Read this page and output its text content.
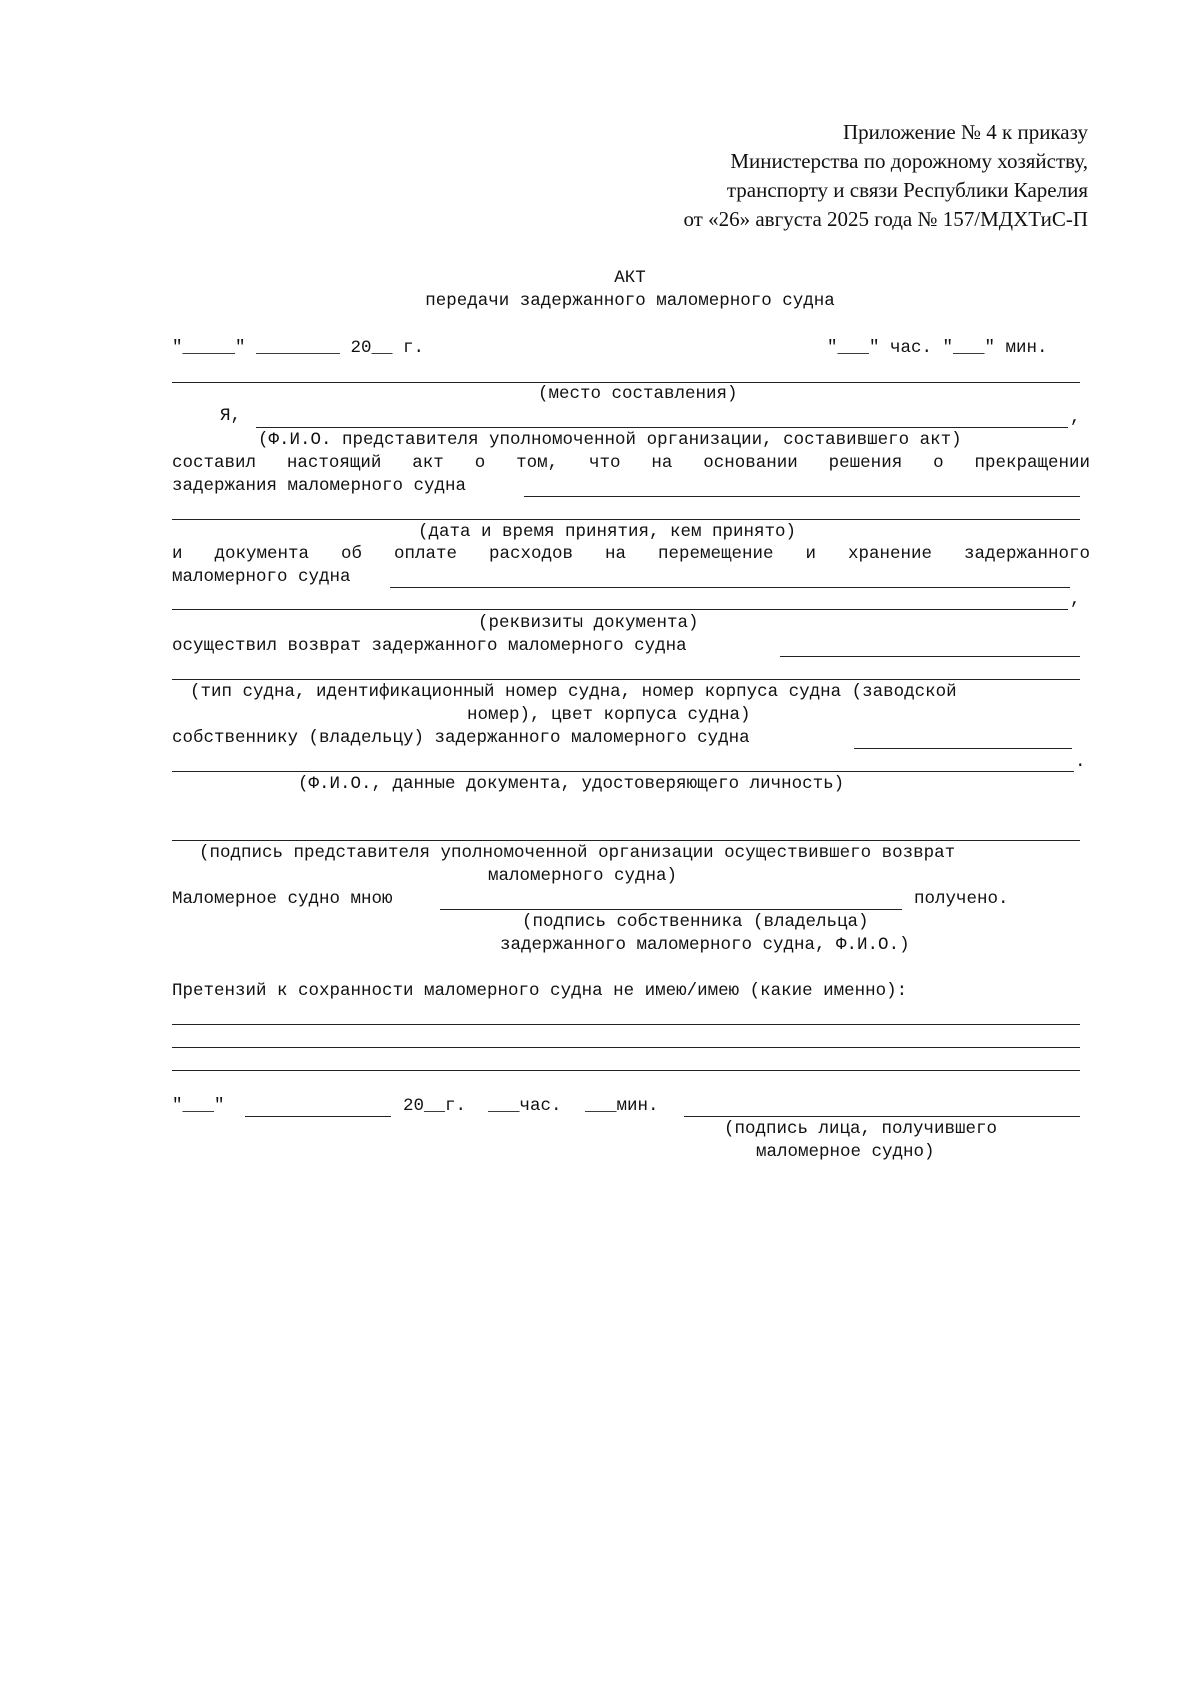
Приложение № 4 к приказу
Министерства по дорожному хозяйству,
транспорту и связи Республики Карелия
от «26» августа 2025 года № 157/МДХТиС-П
АКТ
передачи задержанного маломерного судна
"_____" ________ 20__ г.	"___" час. "___" мин.
(место составления)
Я,	,
(Ф.И.О. представителя уполномоченной организации, составившего акт)
составил настоящий акт о том, что на основании решения о прекращении
задержания маломерного судна
(дата и время принятия, кем принято)
и документа об оплате расходов на перемещение и хранение задержанного
маломерного судна
,
(реквизиты документа)
осуществил возврат задержанного маломерного судна
(тип судна, идентификационный номер судна, номер корпуса судна (заводской
номер), цвет корпуса судна)
собственнику (владельцу) задержанного маломерного судна
.
(Ф.И.О., данные документа, удостоверяющего личность)
(подпись представителя уполномоченной организации осуществившего возврат
маломерного судна)
Маломерное судно мною	получено.
(подпись собственника (владельца)
задержанного маломерного судна, Ф.И.О.)
Претензий к сохранности маломерного судна не имею/имею (какие именно):
"___"	20__г. ___час. ___мин.
(подпись лица, получившего
маломерное судно)
